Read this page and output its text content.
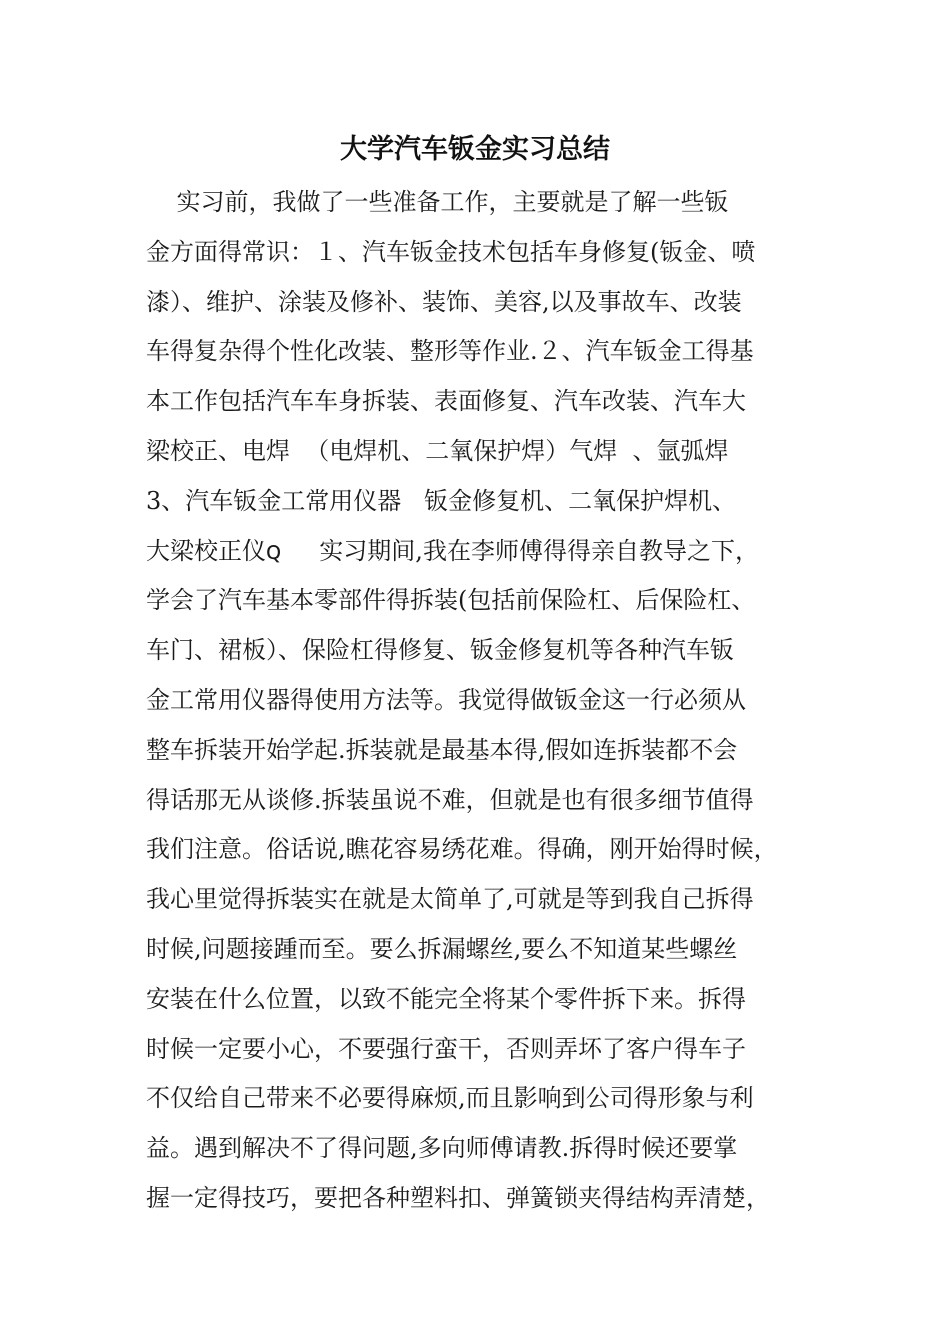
大学汽车钣金实习总结
实习前，我做了一些准备工作，主要就是了解一些钣
金方面得常识：１、汽车钣金技术包括车身修复(钣金、喷
漆）、维护、涂装及修补、装饰、美容,以及事故车、改装
车得复杂得个性化改装、整形等作业.２、汽车钣金工得基
本工作包括汽车车身拆装、表面修复、汽车改装、汽车大
梁校正、电焊  （电焊机、二氧保护焊）气焊  、氩弧焊
3、汽车钣金工常用仪器   钣金修复机、二氧保护焊机、
大梁校正仪ꞯ     实习期间,我在李师傅得得亲自教导之下，
学会了汽车基本零部件得拆装(包括前保险杠、后保险杠、
车门、裙板）、保险杠得修复、钣金修复机等各种汽车钣
金工常用仪器得使用方法等。我觉得做钣金这一行必须从
整车拆装开始学起.拆装就是最基本得,假如连拆装都不会
得话那无从谈修.拆装虽说不难，但就是也有很多细节值得
我们注意。俗话说,瞧花容易绣花难。得确，刚开始得时候，
我心里觉得拆装实在就是太简单了,可就是等到我自己拆得
时候,问题接踵而至。要么拆漏螺丝,要么不知道某些螺丝
安装在什么位置，以致不能完全将某个零件拆下来。拆得
时候一定要小心，不要强行蛮干，否则弄坏了客户得车子
不仅给自己带来不必要得麻烦,而且影响到公司得形象与利
益。遇到解决不了得问题,多向师傅请教.拆得时候还要掌
握一定得技巧，要把各种塑料扣、弹簧锁夹得结构弄清楚，
